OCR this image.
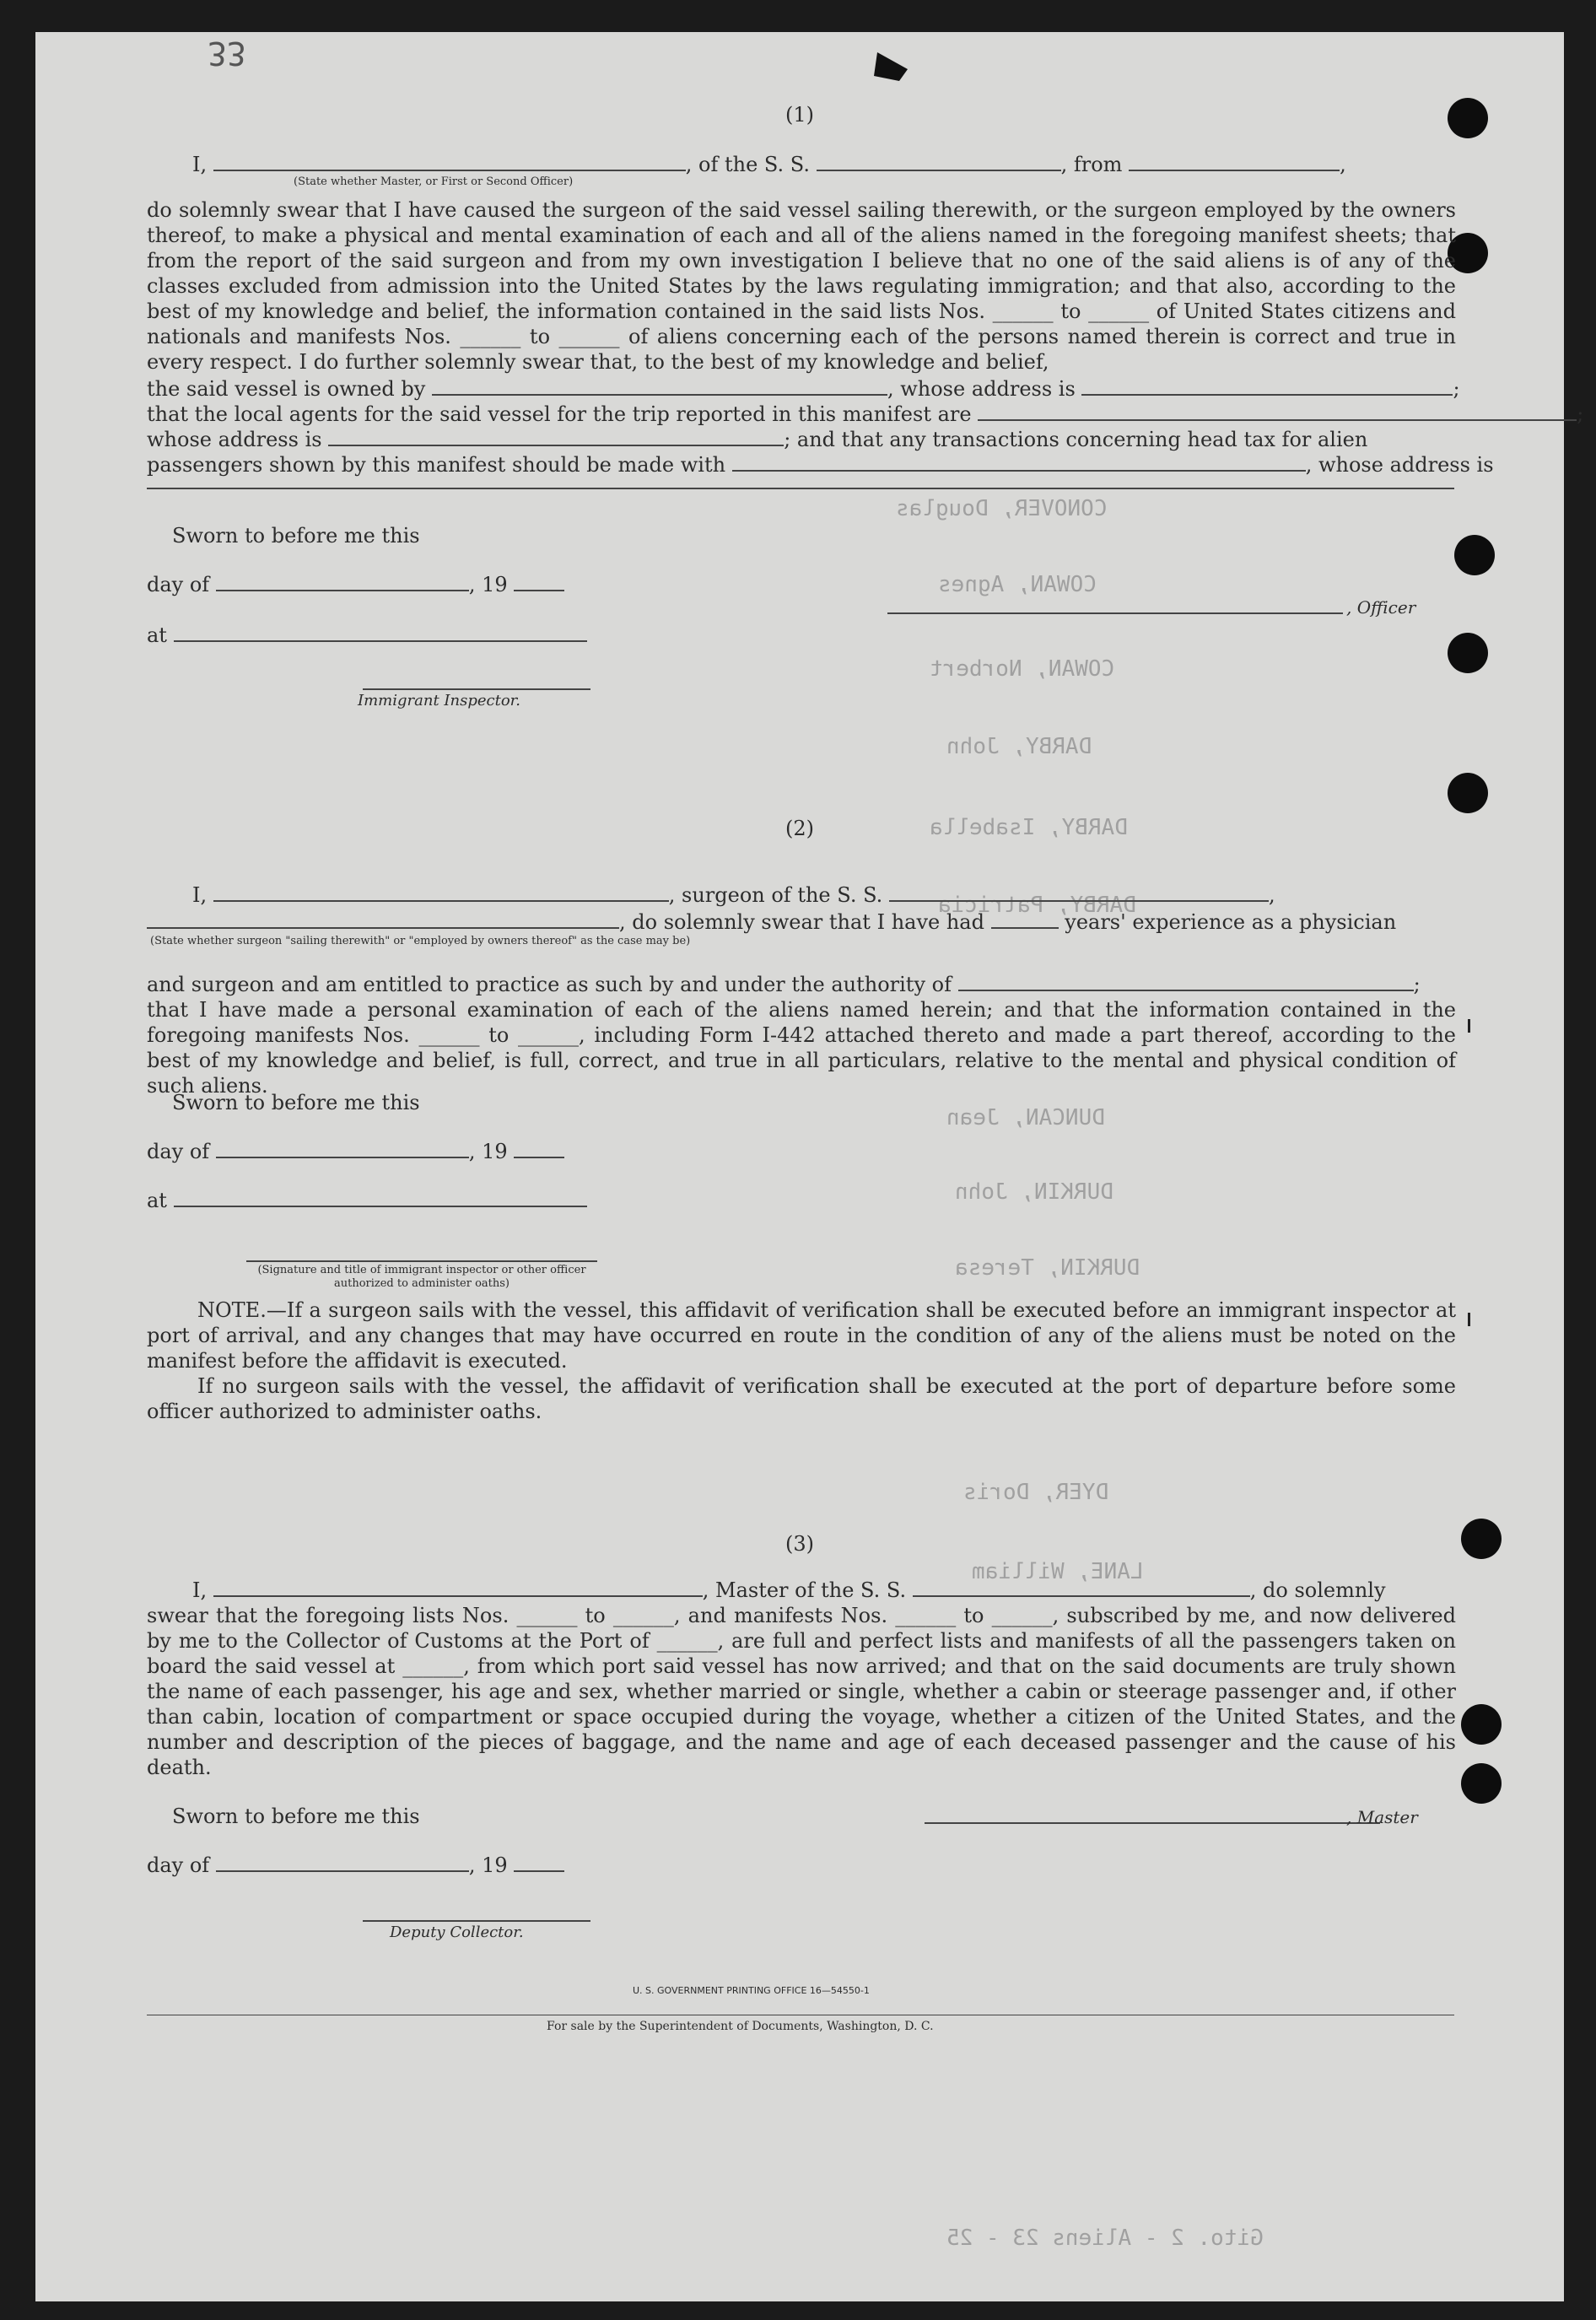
CONOVER, Douglas
COWAN, Agnes
COWAN, Norbert
DARBY, John
DARBY, Isabella
DARBY, Patricia
DUNCAN, Jean
DURKIN, John
DURKIN, Teresa
DYER, Doris
LANE, William
Gito. 2 - Aliens 23 - 25
33
(1)
I,	, of the S. S.	, from	,
(State whether Master, or First or Second Officer)
do solemnly swear that I have caused the surgeon of the said vessel sailing therewith, or the surgeon employed by the owners thereof, to make a physical and mental examination of each and all of the aliens named in the foregoing manifest sheets; that from the report of the said surgeon and from my own investigation I believe that no one of the said aliens is of any of the classes excluded from admission into the United States by the laws regulating immigration; and that also, according to the best of my knowledge and belief, the information contained in the said lists Nos. ______ to ______ of United States citizens and nationals and manifests Nos. ______ to ______ of aliens concerning each of the persons named therein is correct and true in every respect. I do further solemnly swear that, to the best of my knowledge and belief,
the said vessel is owned by	, whose address is	;
that the local agents for the said vessel for the trip reported in this manifest are	;
whose address is	; and that any transactions concerning head tax for alien
passengers shown by this manifest should be made with	, whose address is
Sworn to before me this
day of	, 19
at
Immigrant Inspector.
, Officer
(2)
I,	, surgeon of the S. S.	,
, do solemnly swear that I have had	years' experience as a physician
(State whether surgeon "sailing therewith" or "employed by owners thereof" as the case may be)
and surgeon and am entitled to practice as such by and under the authority of	;
that I have made a personal examination of each of the aliens named herein; and that the information contained in the foregoing manifests Nos. ______ to ______, including Form I-442 attached thereto and made a part thereof, according to the best of my knowledge and belief, is full, correct, and true in all particulars, relative to the mental and physical condition of such aliens.
Sworn to before me this
day of	, 19
at
(Signature and title of immigrant inspector or other officer authorized to administer oaths)
NOTE.—If a surgeon sails with the vessel, this affidavit of verification shall be executed before an immigrant inspector at port of arrival, and any changes that may have occurred en route in the condition of any of the aliens must be noted on the manifest before the affidavit is executed.
If no surgeon sails with the vessel, the affidavit of verification shall be executed at the port of departure before some officer authorized to administer oaths.
(3)
I,	, Master of the S. S.	, do solemnly
swear that the foregoing lists Nos. ______ to ______, and manifests Nos. ______ to ______, subscribed by me, and now delivered by me to the Collector of Customs at the Port of ______, are full and perfect lists and manifests of all the passengers taken on board the said vessel at ______, from which port said vessel has now arrived; and that on the said documents are truly shown the name of each passenger, his age and sex, whether married or single, whether a cabin or steerage passenger and, if other than cabin, location of compartment or space occupied during the voyage, whether a citizen of the United States, and the number and description of the pieces of baggage, and the name and age of each deceased passenger and the cause of his death.
Sworn to before me this
day of	, 19
Deputy Collector.
, Master
U. S. GOVERNMENT PRINTING OFFICE 16—54550-1
For sale by the Superintendent of Documents, Washington, D. C.
